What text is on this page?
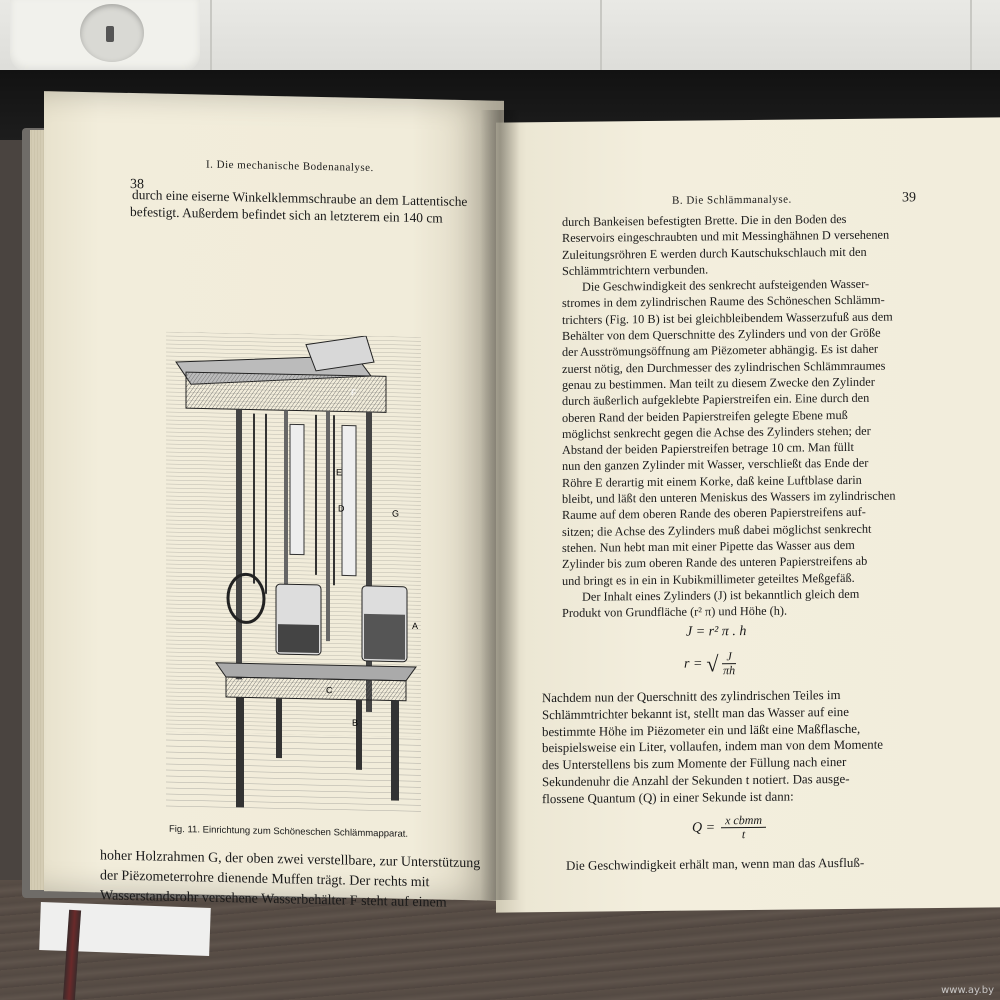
I. Die mechanische Bodenanalyse.
38
durch eine eiserne Winkelklemmschraube an dem Lattentische
befestigt. Außerdem befindet sich an letzterem ein 140 cm
F
E
D
G
A
C
B
Fig. 11. Einrichtung zum Schöneschen Schlämmapparat.
hoher Holzrahmen G, der oben zwei verstellbare, zur Unterstützung
der Piëzometerrohre dienende Muffen trägt. Der rechts mit
Wasserstandsrohr versehene Wasserbehälter F steht auf einem
B. Die Schlämmanalyse.	39
durch Bankeisen befestigten Brette. Die in den Boden des
Reservoirs eingeschraubten und mit Messinghähnen D versehenen
Zuleitungsröhren E werden durch Kautschukschlauch mit den
Schlämmtrichtern verbunden.
Die Geschwindigkeit des senkrecht aufsteigenden Wasser-
stromes in dem zylindrischen Raume des Schöneschen Schlämm-
trichters (Fig. 10 B) ist bei gleichbleibendem Wasserzufuß aus dem
Behälter von dem Querschnitte des Zylinders und von der Größe
der Ausströmungsöffnung am Piëzometer abhängig. Es ist daher
zuerst nötig, den Durchmesser des zylindrischen Schlämmraumes
genau zu bestimmen. Man teilt zu diesem Zwecke den Zylinder
durch äußerlich aufgeklebte Papierstreifen ein. Eine durch den
oberen Rand der beiden Papierstreifen gelegte Ebene muß
möglichst senkrecht gegen die Achse des Zylinders stehen; der
Abstand der beiden Papierstreifen betrage 10 cm. Man füllt
nun den ganzen Zylinder mit Wasser, verschließt das Ende der
Röhre E derartig mit einem Korke, daß keine Luftblase darin
bleibt, und läßt den unteren Meniskus des Wassers im zylindrischen
Raume auf dem oberen Rande des oberen Papierstreifens auf-
sitzen; die Achse des Zylinders muß dabei möglichst senkrecht
stehen. Nun hebt man mit einer Pipette das Wasser aus dem
Zylinder bis zum oberen Rande des unteren Papierstreifens ab
und bringt es in ein in Kubikmillimeter geteiltes Meßgefäß.
Der Inhalt eines Zylinders (J) ist bekanntlich gleich dem
Produkt von Grundfläche (r² π) und Höhe (h).
J = r² π . h
r = √ $\frac{J}{\pi h}$
Nachdem nun der Querschnitt des zylindrischen Teiles im
Schlämmtrichter bekannt ist, stellt man das Wasser auf eine
bestimmte Höhe im Piëzometer ein und läßt eine Maßflasche,
beispielsweise ein Liter, vollaufen, indem man von dem Momente
des Unterstellens bis zum Momente der Füllung nach einer
Sekundenuhr die Anzahl der Sekunden t notiert. Das ausge-
flossene Quantum (Q) in einer Sekunde ist dann:
Q = x cbmm
t
Die Geschwindigkeit erhält man, wenn man das Ausfluß-
www.ay.by
